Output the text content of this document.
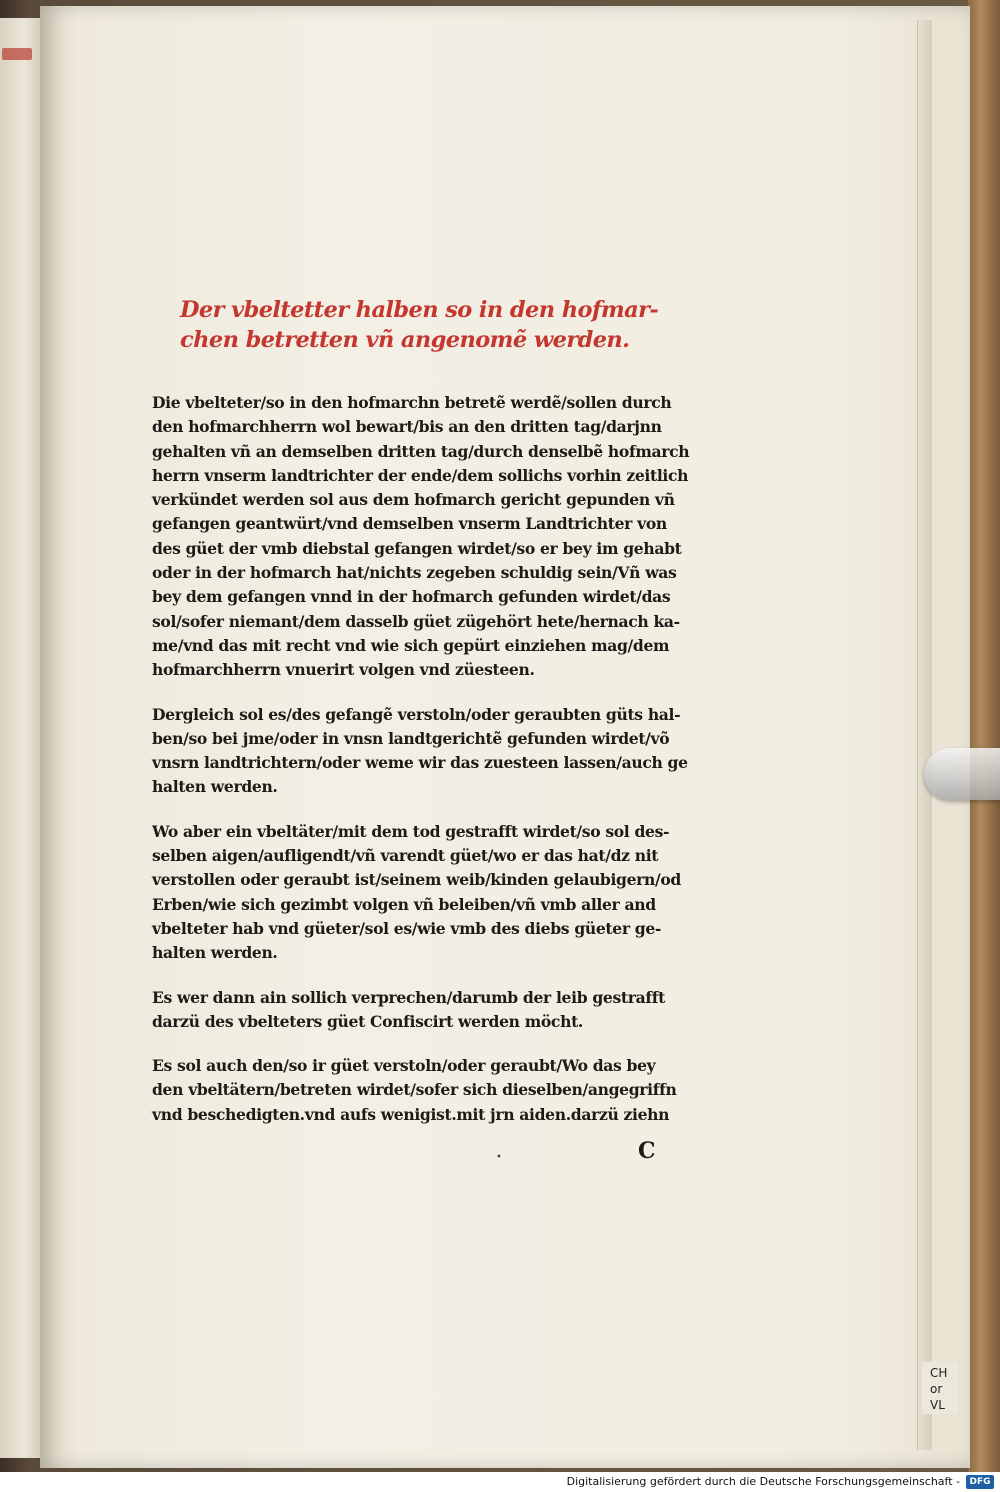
CH
or
VL
Der vbeltetter halben so in den hofmar-
chen betretten vñ angenomẽ werden.
Die vbelteter/so in den hofmarchn betretẽ werdẽ/sollen durch
den hofmarchherrn wol bewart/bis an den dritten tag/darjnn
gehalten vñ an demselben dritten tag/durch denselbẽ hofmarch
herrn vnserm landtrichter der ende/dem sollichs vorhin zeitlich
verkündet werden sol aus dem hofmarch gericht gepunden vñ
gefangen geantwürt/vnd demselben vnserm Landtrichter von
des güet der vmb diebstal gefangen wirdet/so er bey im gehabt
oder in der hofmarch hat/nichts zegeben schuldig sein/Vñ was
bey dem gefangen vnnd in der hofmarch gefunden wirdet/das
sol/sofer niemant/dem dasselb güet zügehört hete/hernach ka-
me/vnd das mit recht vnd wie sich gepürt einziehen mag/dem
hofmarchherrn vnuerirt volgen vnd züesteen.
Dergleich sol es/des gefangẽ verstoln/oder geraubten güts hal-
ben/so bei jme/oder in vnsn landtgerichtẽ gefunden wirdet/võ
vnsrn landtrichtern/oder weme wir das zuesteen lassen/auch ge
halten werden.
Wo aber ein vbeltäter/mit dem tod gestrafft wirdet/so sol des-
selben aigen/aufligendt/vñ varendt güet/wo er das hat/dz nit
verstollen oder geraubt ist/seinem weib/kinden gelaubigern/od
Erben/wie sich gezimbt volgen vñ beleiben/vñ vmb aller and
vbelteter hab vnd güeter/sol es/wie vmb des diebs güeter ge-
halten werden.
Es wer dann ain sollich verprechen/darumb der leib gestrafft
darzü des vbelteters güet Confiscirt werden möcht.
Es sol auch den/so ir güet verstoln/oder geraubt/Wo das bey
den vbeltätern/betreten wirdet/sofer sich dieselben/angegriffn
vnd beschedigten.vnd aufs wenigist.mit jrn aiden.darzü ziehn
•	C
Digitalisierung gefördert durch die Deutsche Forschungsgemeinschaft -	DFG
